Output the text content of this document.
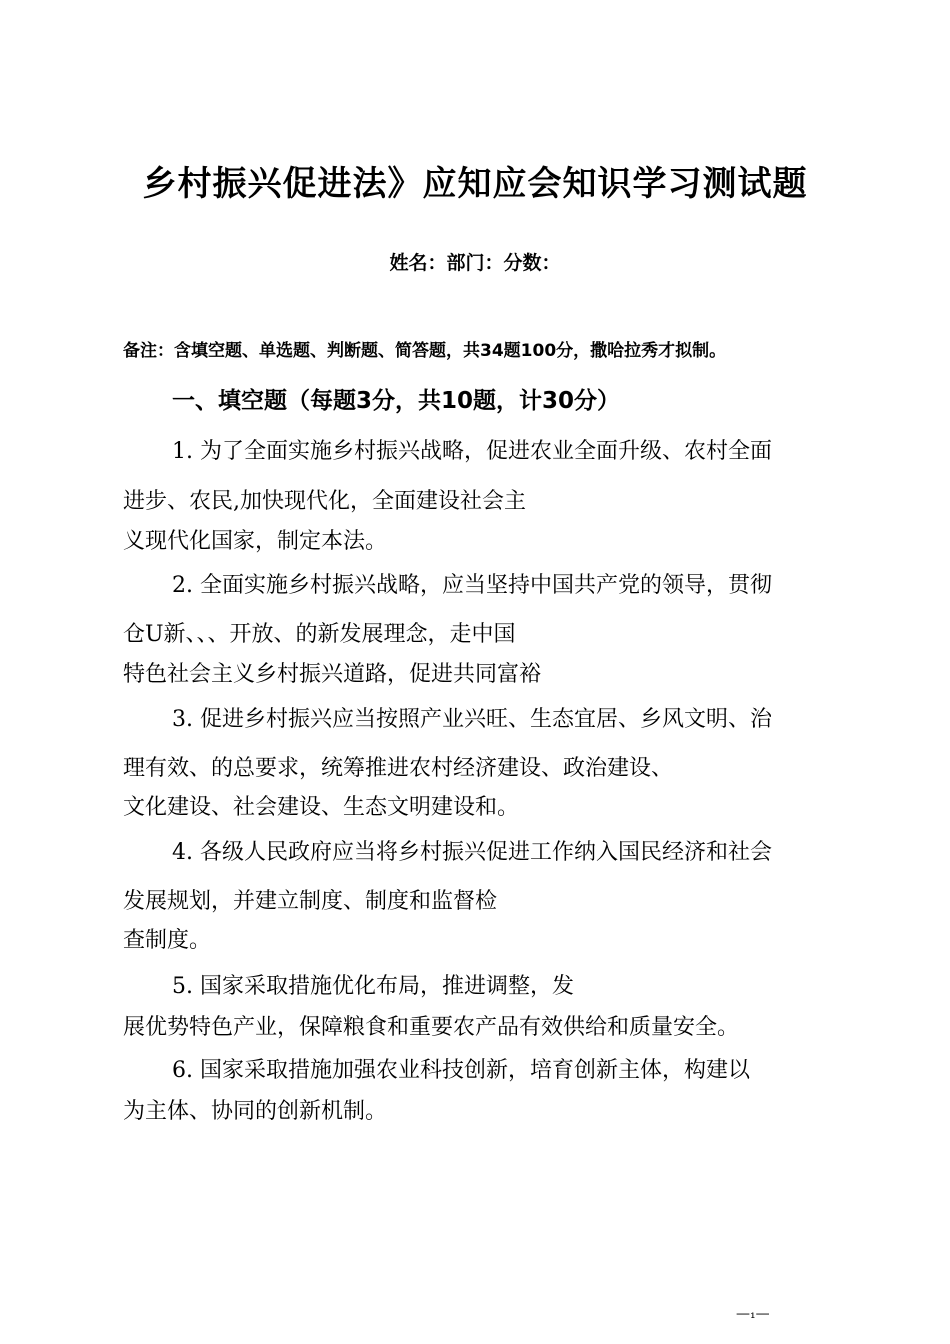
乡村振兴促进法》应知应会知识学习测试题
姓名：部门：分数：
备注：含填空题、单选题、判断题、简答题，共34题100分，撒哈拉秀才拟制。
一、填空题（每题3分，共10题，计30分）
1. 为了全面实施乡村振兴战略，促进农业全面升级、农村全面
进步、农民,加快现代化，全面建设社会主
义现代化国家，制定本法。
2. 全面实施乡村振兴战略，应当坚持中国共产党的领导，贯彻
仓U新、、、开放、的新发展理念，走中国
特色社会主义乡村振兴道路，促进共同富裕
3. 促进乡村振兴应当按照产业兴旺、生态宜居、乡风文明、治
理有效、的总要求，统筹推进农村经济建设、政治建设、
文化建设、社会建设、生态文明建设和。
4. 各级人民政府应当将乡村振兴促进工作纳入国民经济和社会
发展规划，并建立制度、制度和监督检
查制度。
5. 国家采取措施优化布局，推进调整，发
展优势特色产业，保障粮食和重要农产品有效供给和质量安全。
6. 国家采取措施加强农业科技创新，培育创新主体，构建以
为主体、协同的创新机制。
—₁—
